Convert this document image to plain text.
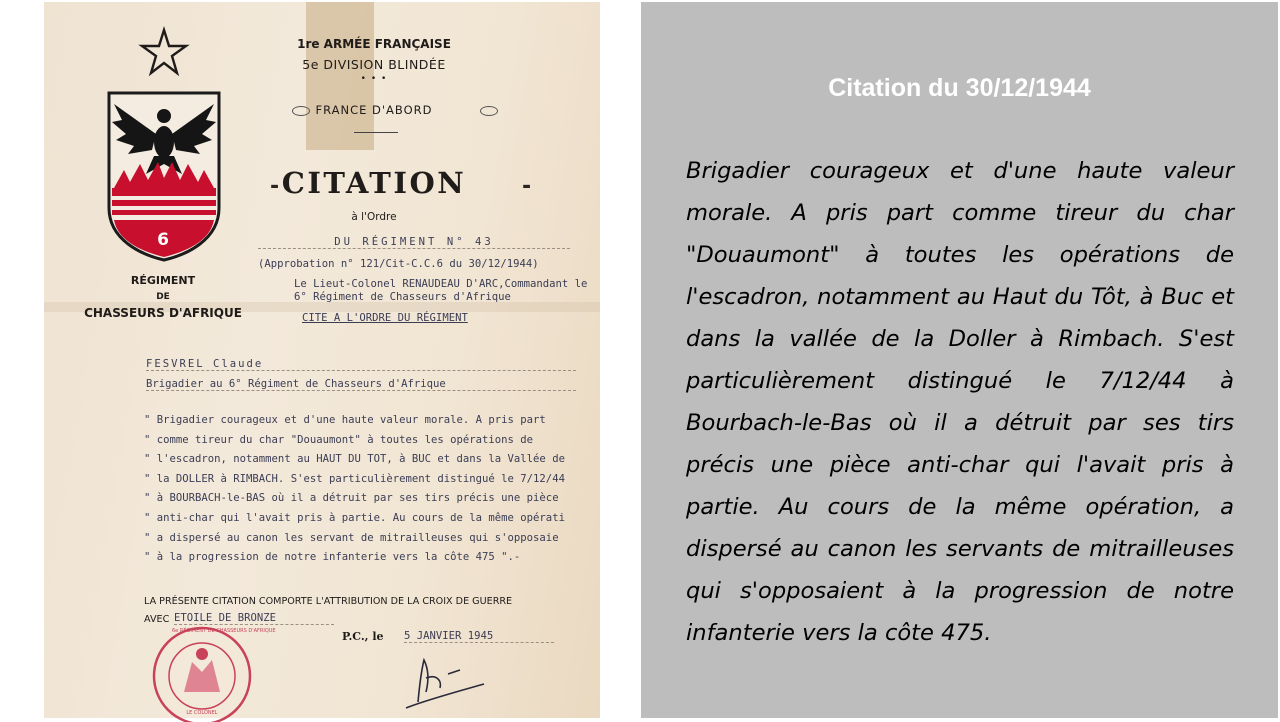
6
RÉGIMENT
DE
CHASSEURS D'AFRIQUE
1re ARMÉE FRANÇAISE
5e DIVISION BLINDÉE
• • •
FRANCE D'ABORD
- CITATION	-
à l'Ordre
DU RÉGIMENT N° 43
(Approbation n° 121/Cit-C.C.6 du 30/12/1944)
Le Lieut-Colonel RENAUDEAU D'ARC,Commandant le
6° Régiment de Chasseurs d'Afrique
CITE A L'ORDRE DU RÉGIMENT
FESVREL Claude
Brigadier au 6° Régiment de Chasseurs d'Afrique
" Brigadier courageux et d'une haute valeur morale. A pris part
" comme tireur du char "Douaumont" à toutes les opérations de
" l'escadron, notamment au HAUT DU TOT, à BUC et dans la Vallée de
" la DOLLER à RIMBACH. S'est particulièrement distingué le 7/12/44
" à BOURBACH-le-BAS où il a détruit par ses tirs précis une pièce
" anti-char qui l'avait pris à partie. Au cours de la même opérati
" a dispersé au canon les servant de mitrailleuses qui s'opposaie
" à la progression de notre infanterie vers la côte 475 ".-
LA PRÉSENTE CITATION COMPORTE L'ATTRIBUTION DE LA CROIX DE GUERRE
AVEC ETOILE DE BRONZE
P.C., le 5 JANVIER 1945
6e RÉGIMENT DE CHASSEURS D'AFRIQUE
LE COLONEL
Citation du 30/12/1944

Brigadier courageux et d'une haute valeur morale. A pris part comme tireur du char "Douaumont" à toutes les opérations de l'escadron, notamment au Haut du Tôt, à Buc et dans la vallée de la Doller à Rimbach. S'est particulièrement distingué le 7/12/44 à Bourbach-le-Bas où il a détruit par ses tirs précis une pièce anti-char qui l'avait pris à partie. Au cours de la même opération, a dispersé au canon les servants de mitrailleuses qui s'opposaient à la progression de notre infanterie vers la côte 475.
